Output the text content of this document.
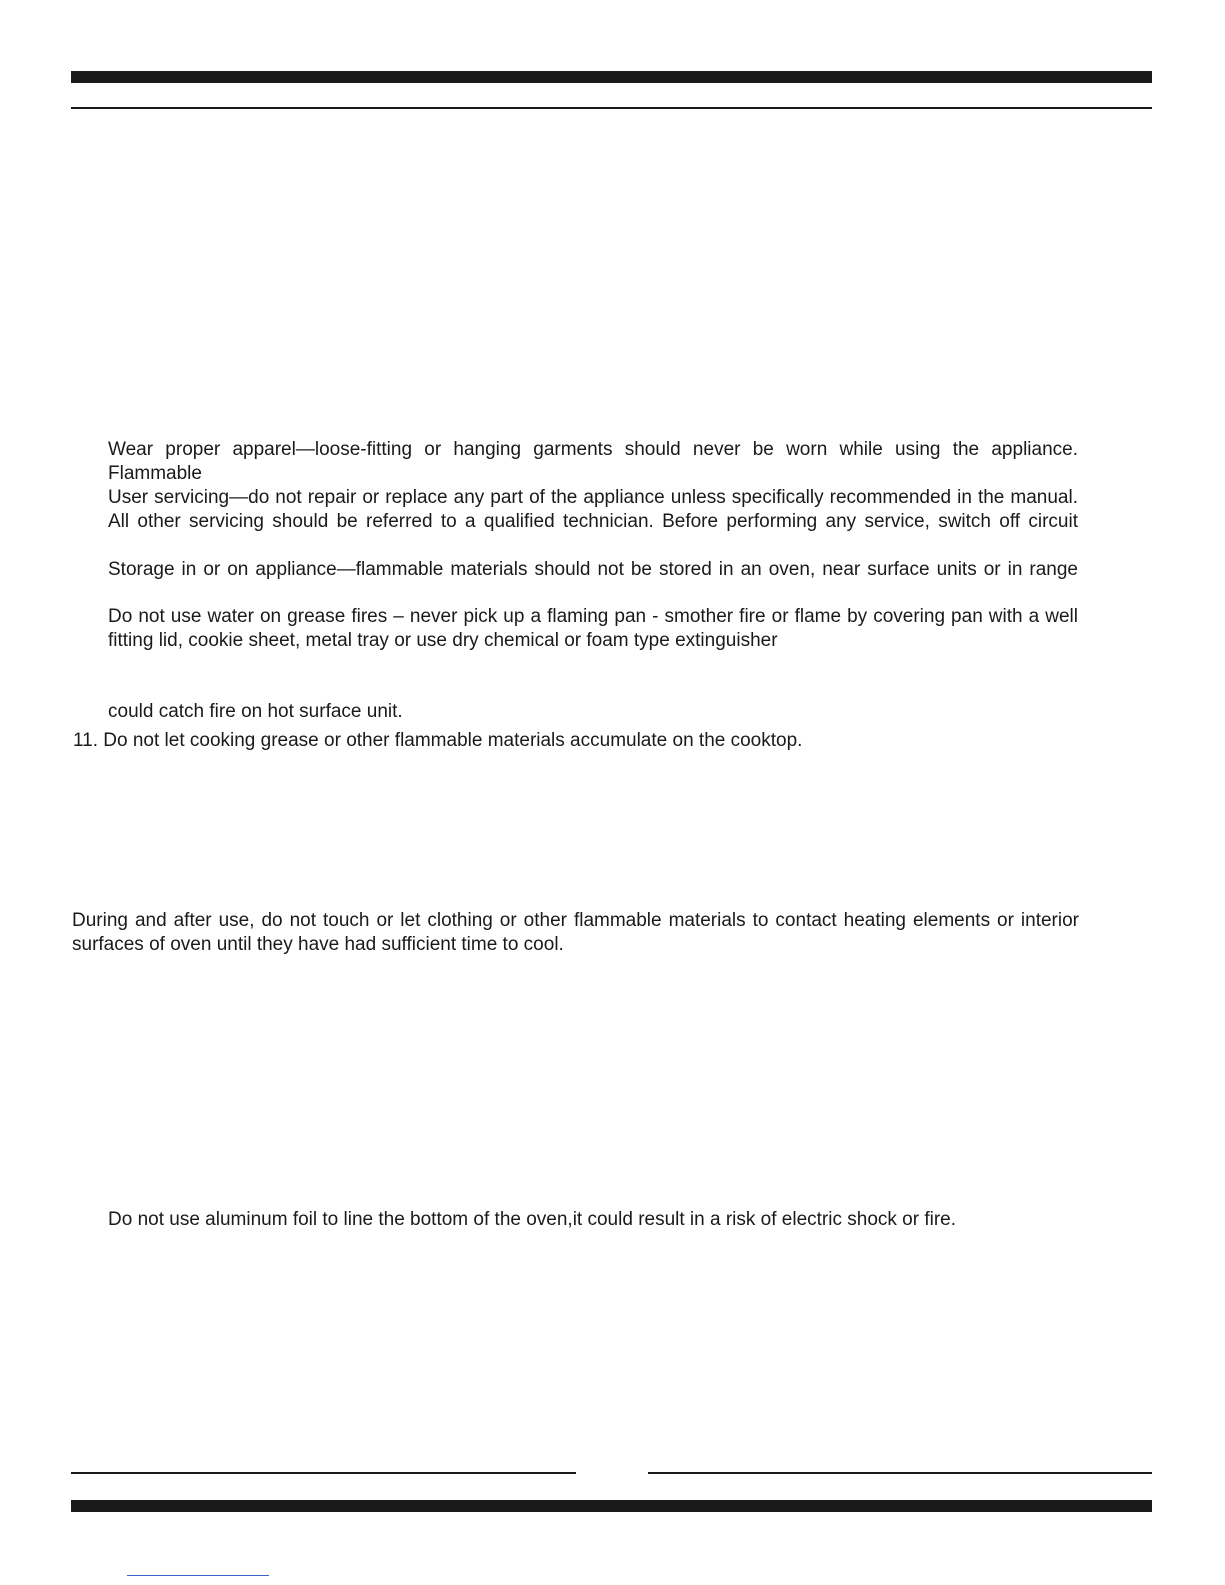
Wear proper apparel—loose-fitting or hanging garments should never be worn while using the appliance. Flammable
User servicing—do not repair or replace any part of the appliance unless specifically recommended in the manual.
All other servicing should be referred to a qualified technician. Before performing any service, switch off circuit
Storage in or on appliance—flammable materials should not be stored in an oven, near surface units or in range
Do not use water on grease fires – never pick up a flaming pan - smother fire or flame by covering pan with a well
fitting lid, cookie sheet, metal tray or use dry chemical or foam type extinguisher
could catch fire on hot surface unit.
11. Do not let cooking grease or other flammable materials accumulate on the cooktop.
During and after use, do not touch or let clothing or other flammable materials to contact heating elements or interior
surfaces of oven until they have had sufficient time to cool.
Do not use aluminum foil to line the bottom of the oven,it could result in a risk of electric shock or fire.
